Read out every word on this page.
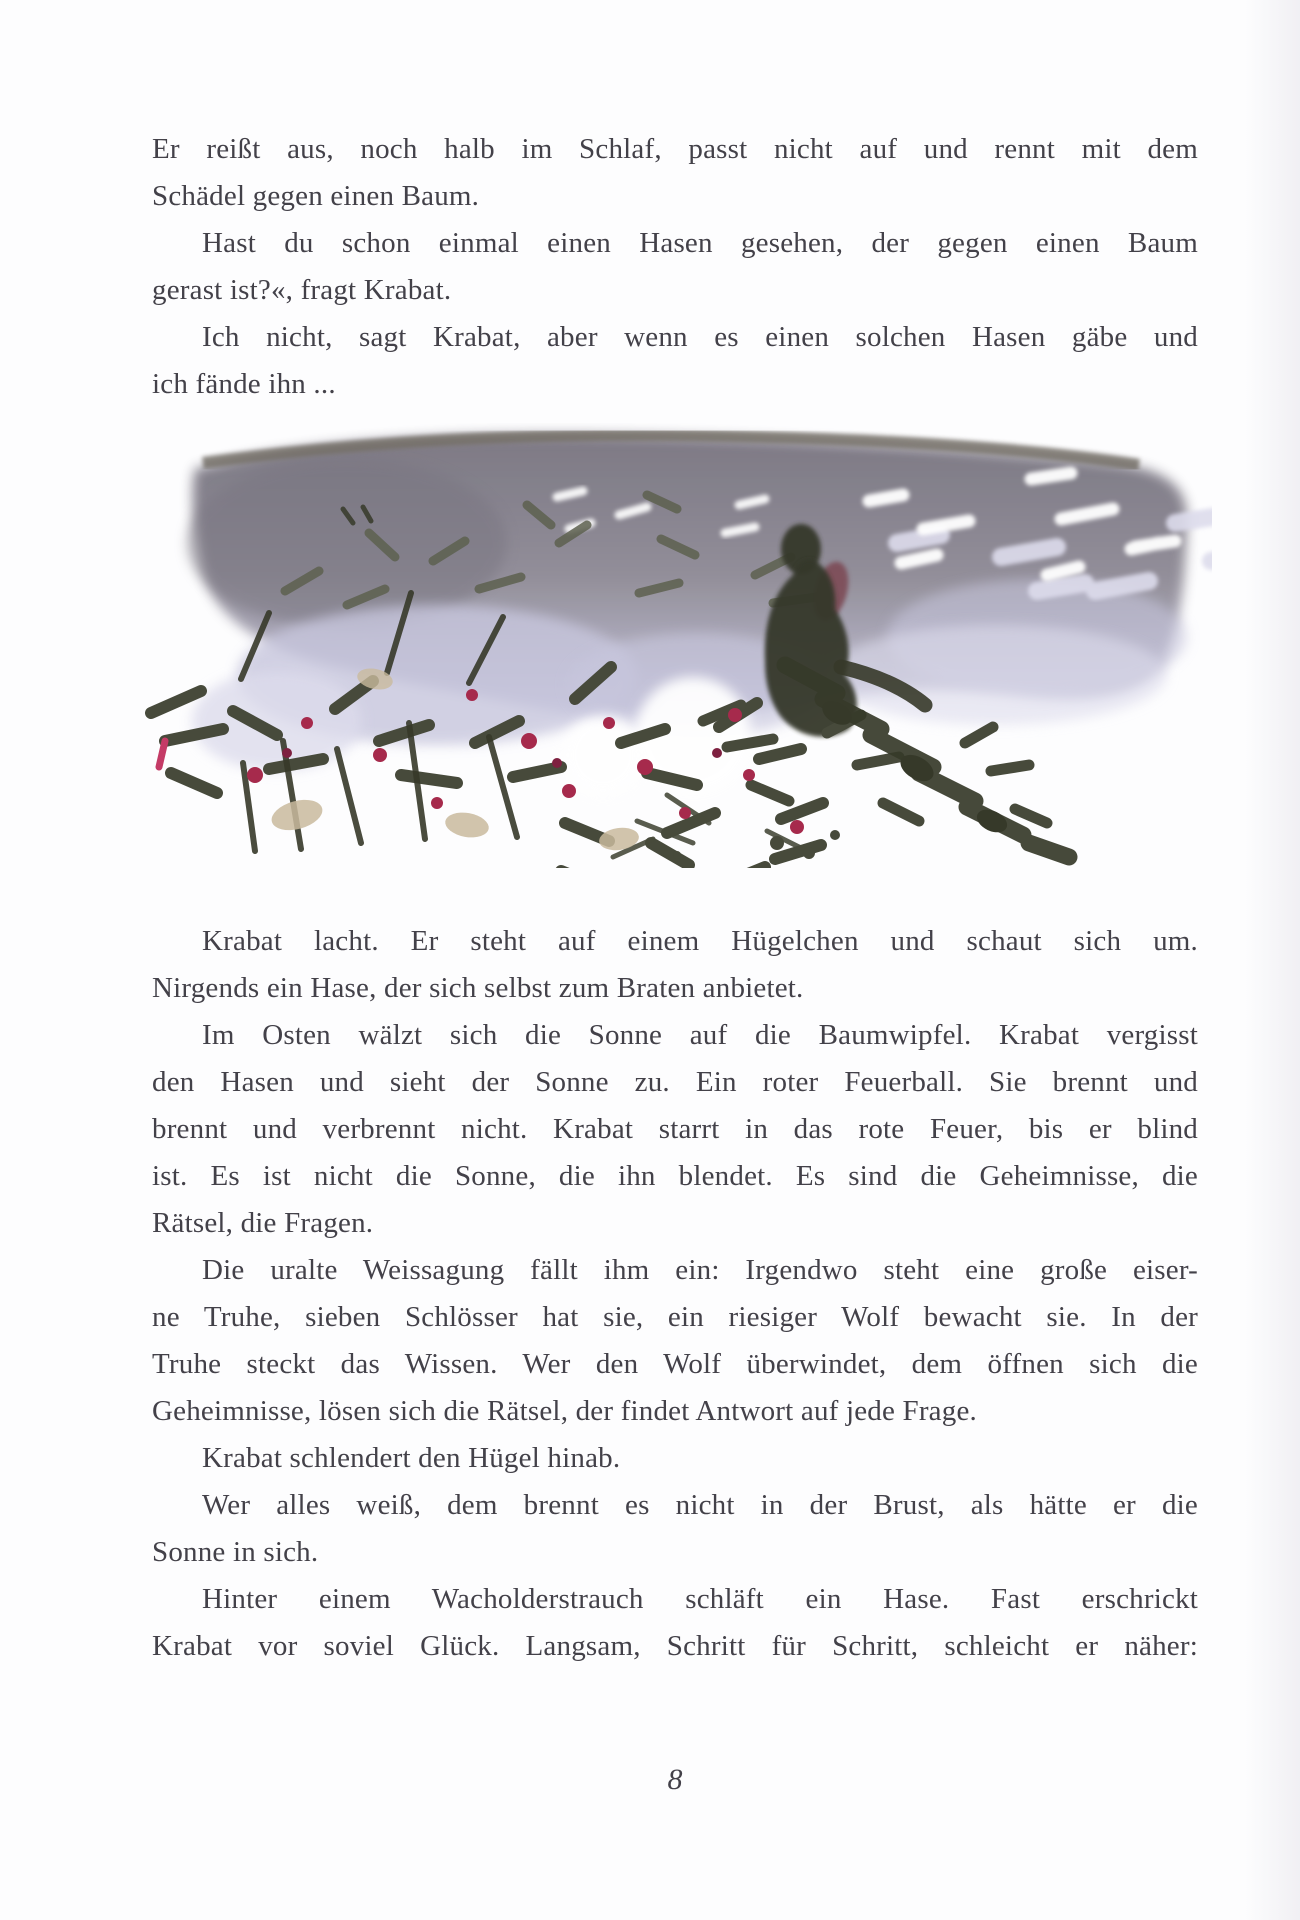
Er reißt aus, noch halb im Schlaf, passt nicht auf und rennt mit dem

Schädel gegen einen Baum.

Hast du schon einmal einen Hasen gesehen, der gegen einen Baum

gerast ist?«, fragt Krabat.

Ich nicht, sagt Krabat, aber wenn es einen solchen Hasen gäbe und

ich fände ihn ...

Krabat lacht. Er steht auf einem Hügelchen und schaut sich um.

Nirgends ein Hase, der sich selbst zum Braten anbietet.

Im Osten wälzt sich die Sonne auf die Baumwipfel. Krabat vergisst

den Hasen und sieht der Sonne zu. Ein roter Feuerball. Sie brennt und

brennt und verbrennt nicht. Krabat starrt in das rote Feuer, bis er blind

ist. Es ist nicht die Sonne, die ihn blendet. Es sind die Geheimnisse, die

Rätsel, die Fragen.

Die uralte Weissagung fällt ihm ein: Irgendwo steht eine große eiser-

ne Truhe, sieben Schlösser hat sie, ein riesiger Wolf bewacht sie. In der

Truhe steckt das Wissen. Wer den Wolf überwindet, dem öffnen sich die

Geheimnisse, lösen sich die Rätsel, der findet Antwort auf jede Frage.

Krabat schlendert den Hügel hinab.

Wer alles weiß, dem brennt es nicht in der Brust, als hätte er die

Sonne in sich.

Hinter einem Wacholderstrauch schläft ein Hase. Fast erschrickt

Krabat vor soviel Glück. Langsam, Schritt für Schritt, schleicht er näher:

8
